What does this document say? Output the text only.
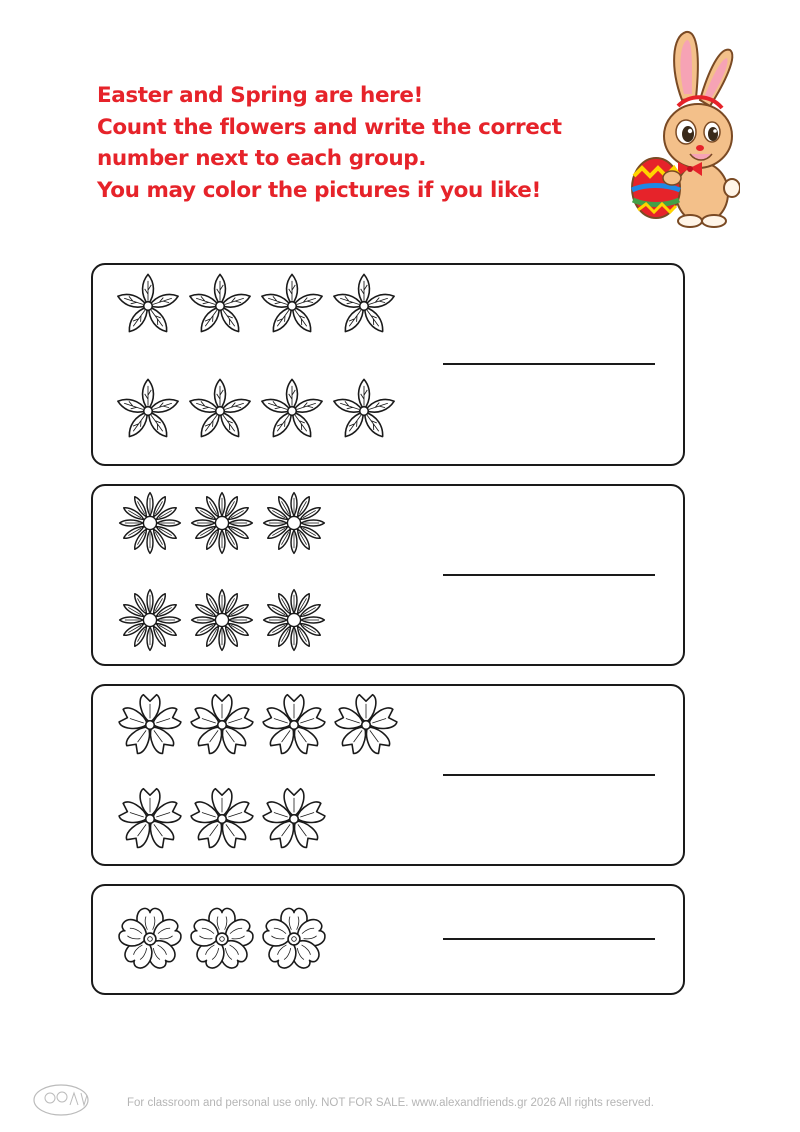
Easter and Spring are here!
Count the flowers and write the correct
number next to each group.
You may color the pictures if you like!
For classroom and personal use only. NOT FOR SALE. www.alexandfriends.gr 2026 All rights reserved.
